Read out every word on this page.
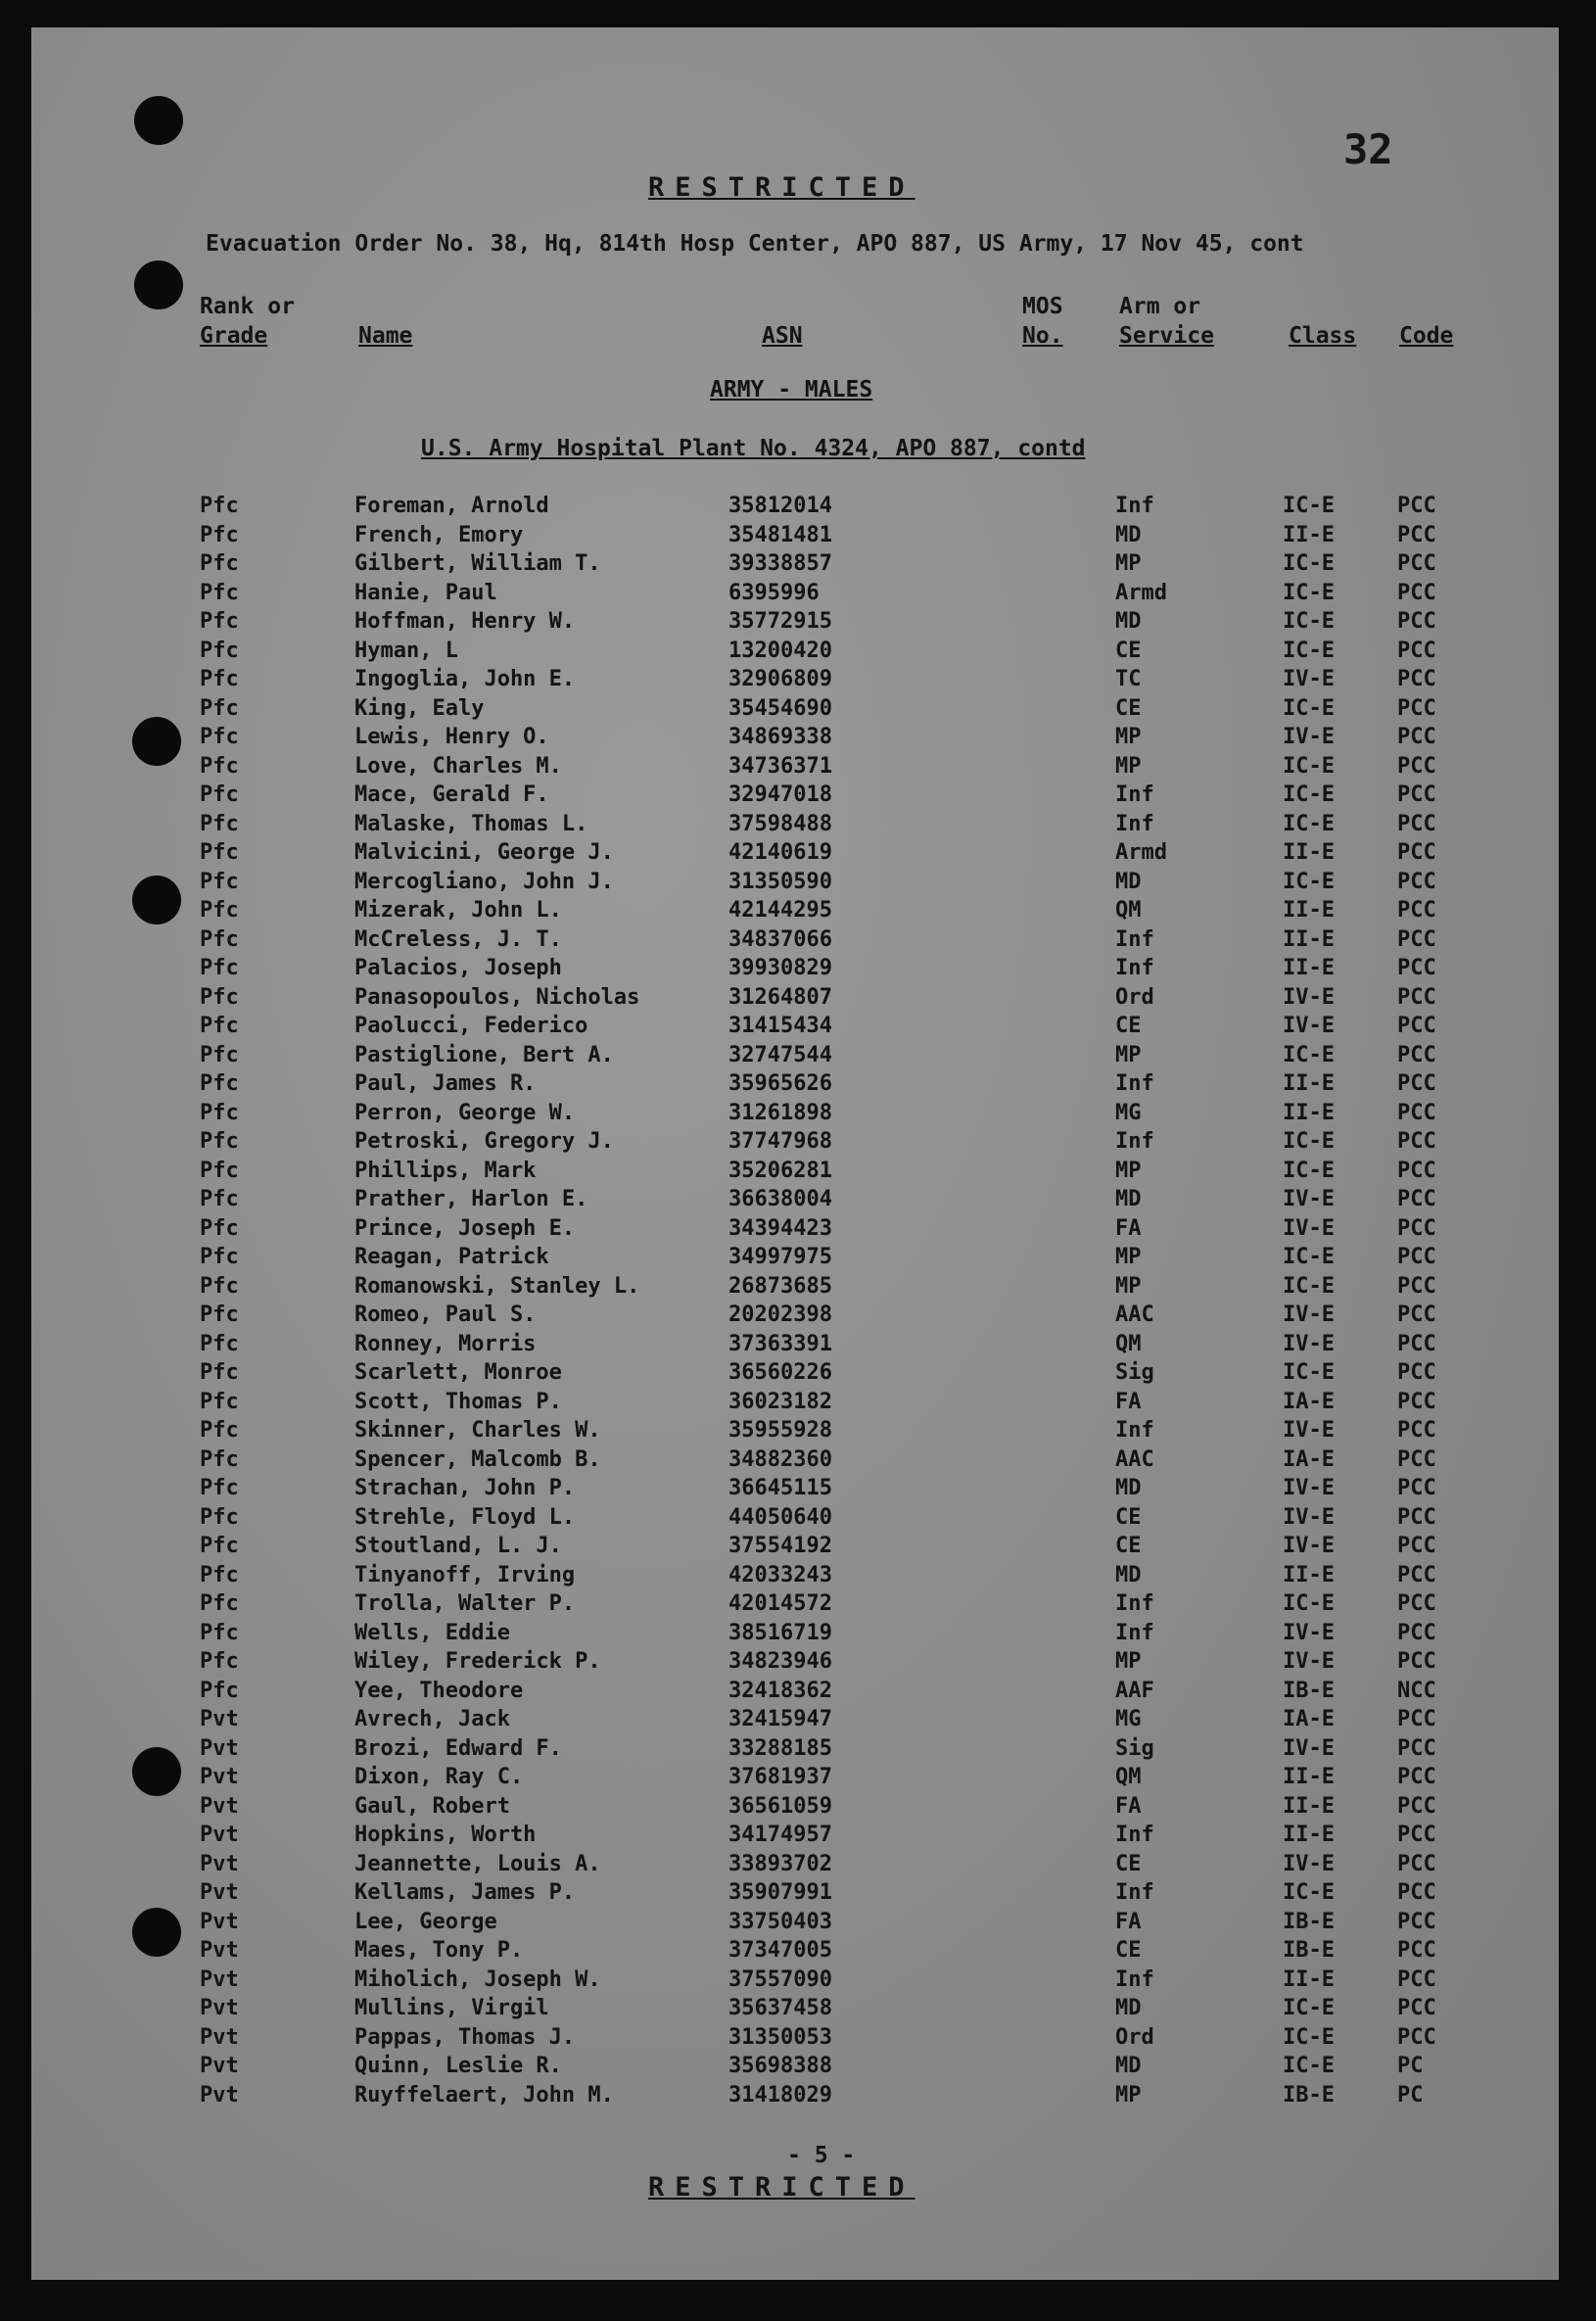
32
RESTRICTED
Evacuation Order No. 38, Hq, 814th Hosp Center, APO 887, US Army, 17 Nov 45, cont
Rank or
Grade	Name	ASN
MOS
No.
Arm or
Service	Class Code
ARMY - MALES
U.S. Army Hospital Plant No. 4324, APO 887, contd
Pfc	Foreman, Arnold	35812014	Inf	IC-E	PCC
Pfc	French, Emory	35481481	MD	II-E	PCC
Pfc	Gilbert, William T.	39338857	MP	IC-E	PCC
Pfc	Hanie, Paul	6395996	Armd	IC-E	PCC
Pfc	Hoffman, Henry W.	35772915	MD	IC-E	PCC
Pfc	Hyman, L	13200420	CE	IC-E	PCC
Pfc	Ingoglia, John E.	32906809	TC	IV-E	PCC
Pfc	King, Ealy	35454690	CE	IC-E	PCC
Pfc	Lewis, Henry O.	34869338	MP	IV-E	PCC
Pfc	Love, Charles M.	34736371	MP	IC-E	PCC
Pfc	Mace, Gerald F.	32947018	Inf	IC-E	PCC
Pfc	Malaske, Thomas L.	37598488	Inf	IC-E	PCC
Pfc	Malvicini, George J.	42140619	Armd	II-E	PCC
Pfc	Mercogliano, John J.	31350590	MD	IC-E	PCC
Pfc	Mizerak, John L.	42144295	QM	II-E	PCC
Pfc	McCreless, J. T.	34837066	Inf	II-E	PCC
Pfc	Palacios, Joseph	39930829	Inf	II-E	PCC
Pfc	Panasopoulos, Nicholas	31264807	Ord	IV-E	PCC
Pfc	Paolucci, Federico	31415434	CE	IV-E	PCC
Pfc	Pastiglione, Bert A.	32747544	MP	IC-E	PCC
Pfc	Paul, James R.	35965626	Inf	II-E	PCC
Pfc	Perron, George W.	31261898	MG	II-E	PCC
Pfc	Petroski, Gregory J.	37747968	Inf	IC-E	PCC
Pfc	Phillips, Mark	35206281	MP	IC-E	PCC
Pfc	Prather, Harlon E.	36638004	MD	IV-E	PCC
Pfc	Prince, Joseph E.	34394423	FA	IV-E	PCC
Pfc	Reagan, Patrick	34997975	MP	IC-E	PCC
Pfc	Romanowski, Stanley L.	26873685	MP	IC-E	PCC
Pfc	Romeo, Paul S.	20202398	AAC	IV-E	PCC
Pfc	Ronney, Morris	37363391	QM	IV-E	PCC
Pfc	Scarlett, Monroe	36560226	Sig	IC-E	PCC
Pfc	Scott, Thomas P.	36023182	FA	IA-E	PCC
Pfc	Skinner, Charles W.	35955928	Inf	IV-E	PCC
Pfc	Spencer, Malcomb B.	34882360	AAC	IA-E	PCC
Pfc	Strachan, John P.	36645115	MD	IV-E	PCC
Pfc	Strehle, Floyd L.	44050640	CE	IV-E	PCC
Pfc	Stoutland, L. J.	37554192	CE	IV-E	PCC
Pfc	Tinyanoff, Irving	42033243	MD	II-E	PCC
Pfc	Trolla, Walter P.	42014572	Inf	IC-E	PCC
Pfc	Wells, Eddie	38516719	Inf	IV-E	PCC
Pfc	Wiley, Frederick P.	34823946	MP	IV-E	PCC
Pfc	Yee, Theodore	32418362	AAF	IB-E	NCC
Pvt	Avrech, Jack	32415947	MG	IA-E	PCC
Pvt	Brozi, Edward F.	33288185	Sig	IV-E	PCC
Pvt	Dixon, Ray C.	37681937	QM	II-E	PCC
Pvt	Gaul, Robert	36561059	FA	II-E	PCC
Pvt	Hopkins, Worth	34174957	Inf	II-E	PCC
Pvt	Jeannette, Louis A.	33893702	CE	IV-E	PCC
Pvt	Kellams, James P.	35907991	Inf	IC-E	PCC
Pvt	Lee, George	33750403	FA	IB-E	PCC
Pvt	Maes, Tony P.	37347005	CE	IB-E	PCC
Pvt	Miholich, Joseph W.	37557090	Inf	II-E	PCC
Pvt	Mullins, Virgil	35637458	MD	IC-E	PCC
Pvt	Pappas, Thomas J.	31350053	Ord	IC-E	PCC
Pvt	Quinn, Leslie R.	35698388	MD	IC-E	PC
Pvt	Ruyffelaert, John M.	31418029	MP	IB-E	PC
- 5 -
RESTRICTED
